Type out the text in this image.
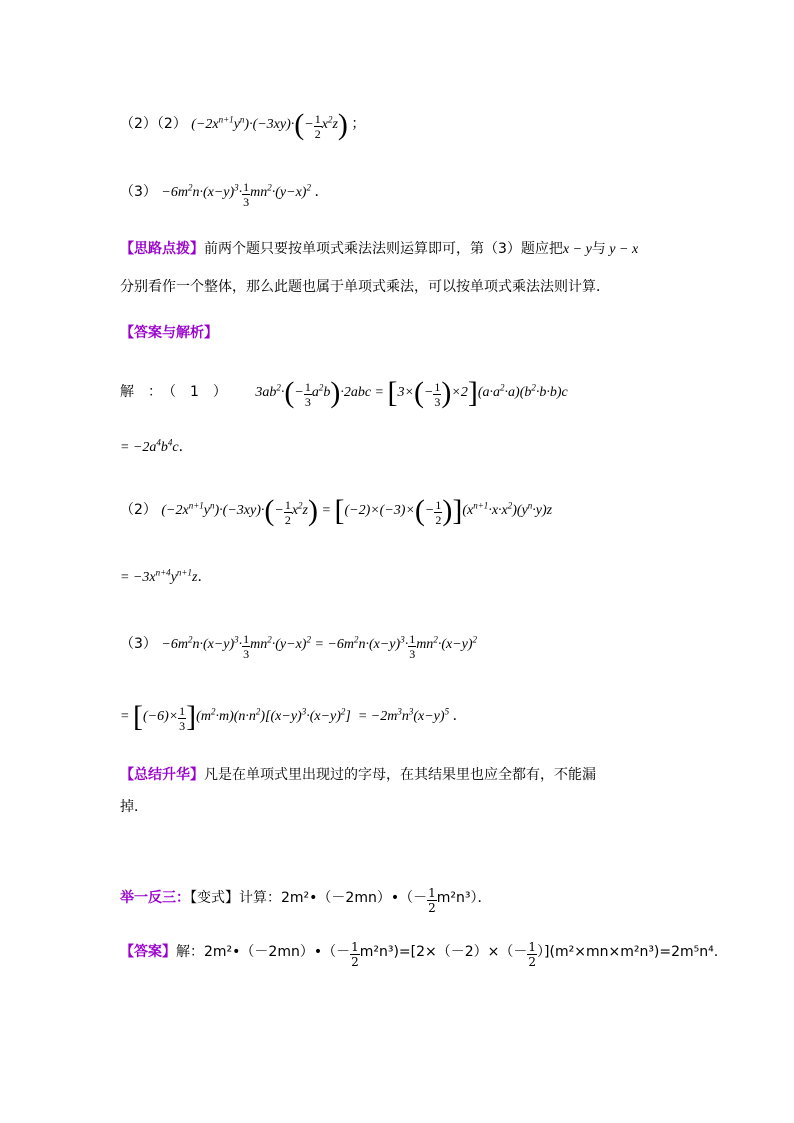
（2）（2） $(-2x^{n+1}y^n)\cdot(-3xy)\cdot(- \frac{1}{2} x^2z)$ ；
$(3) -6m^2n\cdot(x-y)^3\cdot \frac{1}{3} mn^2\cdot(y-x)^2$ ．
【思路点拨】前两个题只要按单项式乘法法则运算即可，第（3）题应把x − y与 y − x
分别看作一个整体，那么此题也属于单项式乘法，可以按单项式乘法法则计算．
【答案与解析】
解　：　（　1　） $3ab^2\cdot(- \frac{1}{3} a^2b)\cdot 2abc = [3\times(- \frac{1}{3} )\times 2](a\cdot a^2\cdot a)(b^2\cdot b\cdot b)c$
= $-2a^4b^4c$．
（2） $(-2x^{n+1}y^n)\cdot(-3xy)\cdot(- \frac{1}{2} x^2z) = [(-2)\times(-3)\times(- \frac{1}{2} )](x^{n+1}\cdot x\cdot x^2)(y^n\cdot y)z$
= $-3x^{n+4}y^{n+1}z$．
$(3) -6m^2n\cdot(x-y)^3\cdot \frac{1}{3} mn^2\cdot(y-x)^2 = -6m^2n\cdot(x-y)^3\cdot \frac{1}{3} mn^2\cdot(x-y)^2$
= $[(-6)\times \frac{1}{3} ](m^2\cdot m)(n\cdot n^2)[(x-y)^3\cdot(x-y)^2] = -2m^3n^3(x-y)^5$ ．
【总结升华】凡是在单项式里出现过的字母，在其结果里也应全都有，不能漏
掉．
举一反三：【变式】计算：2m²•（－2mn）•（－ $\frac{1}{2} m^2n^3$）．
【答案】解：2m²•（－2mn）•（－ $\frac{1}{2} m^2n^3)=[2\times(-2)\times(- \frac{1}{2} )](m^2\times mn\times m^2n^3)=2m^5n^4$.
